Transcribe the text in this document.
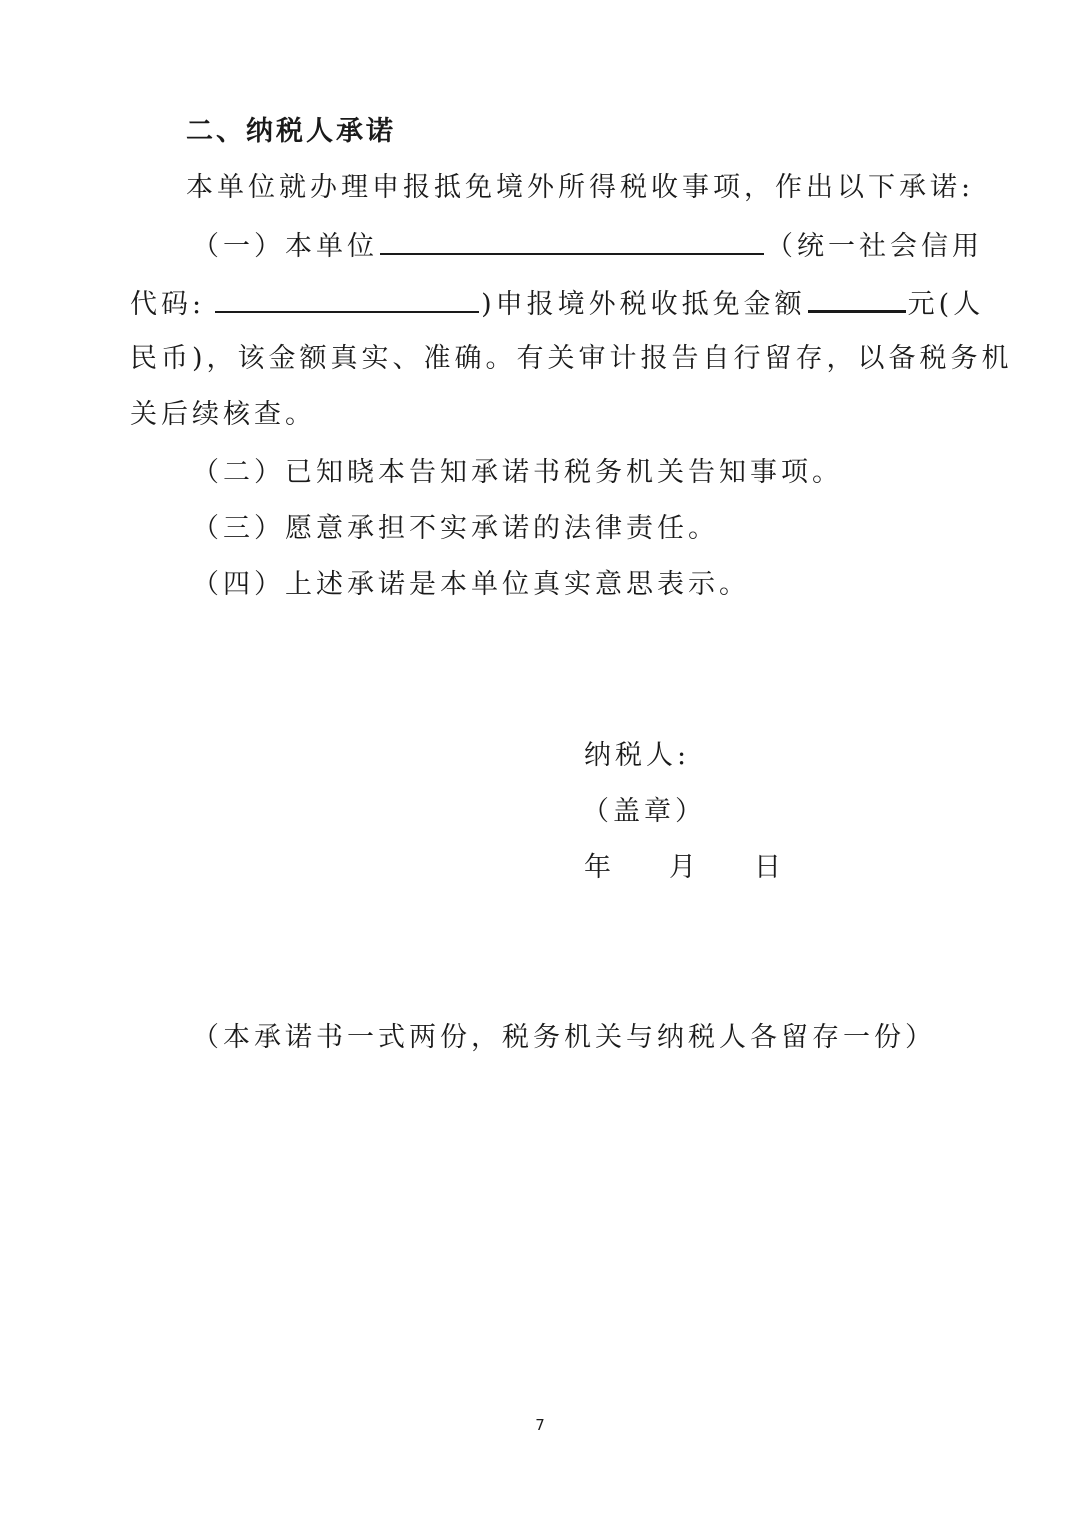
二、纳税人承诺
本单位就办理申报抵免境外所得税收事项，作出以下承诺:
（一）本单位	（统一社会信用
代码:	)申报境外税收抵免金额	元(人
民币)，该金额真实、准确。有关审计报告自行留存，以备税务机
关后续核查。
（二）已知晓本告知承诺书税务机关告知事项。
（三）愿意承担不实承诺的法律责任。
（四）上述承诺是本单位真实意思表示。
纳税人:
（盖章）
年 月 日
（本承诺书一式两份，税务机关与纳税人各留存一份）
7
